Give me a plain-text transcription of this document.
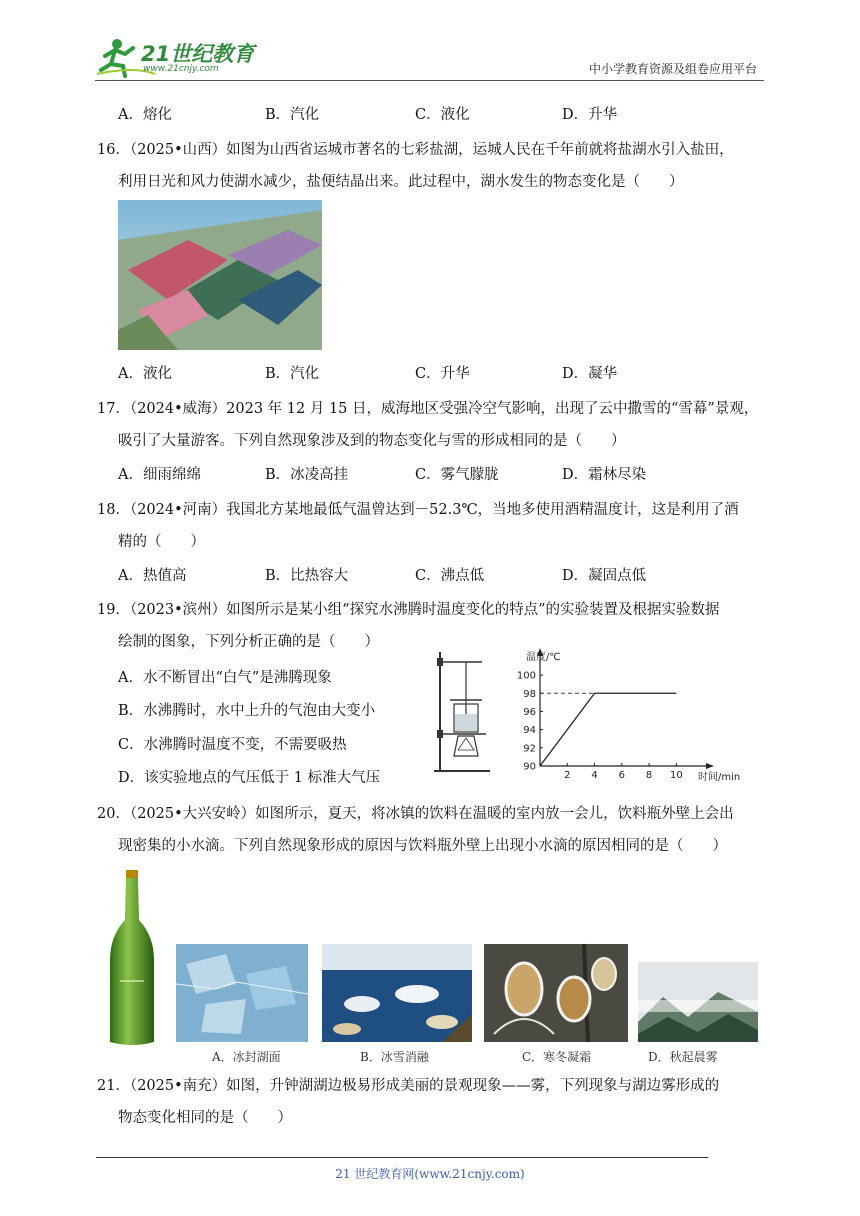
21世纪教育
www.21cnjy.com	中小学教育资源及组卷应用平台
A．熔化	B．汽化	C．液化	D．升华
16．（2025•山西）如图为山西省运城市著名的七彩盐湖，运城人民在千年前就将盐湖水引入盐田，
利用日光和风力使湖水减少，盐便结晶出来。此过程中，湖水发生的物态变化是（　　）
A．液化	B．汽化	C．升华	D．凝华
17．（2024•威海）2023 年 12 月 15 日，威海地区受强冷空气影响，出现了云中撒雪的“雪幕”景观，
吸引了大量游客。下列自然现象涉及到的物态变化与雪的形成相同的是（　　）
A．细雨绵绵	B．冰凌高挂	C．雾气朦胧	D．霜林尽染
18．（2024•河南）我国北方某地最低气温曾达到－52.3℃，当地多使用酒精温度计，这是利用了酒
精的（　　）
A．热值高	B．比热容大	C．沸点低	D．凝固点低
19．（2023•滨州）如图所示是某小组“探究水沸腾时温度变化的特点”的实验装置及根据实验数据
绘制的图象，下列分析正确的是（　　）
A．水不断冒出“白气”是沸腾现象
B．水沸腾时，水中上升的气泡由大变小
C．水沸腾时温度不变，不需要吸热
D．该实验地点的气压低于 1 标准大气压	2 4 6 8 10
90
92
94
96
98
100
温度/℃
时间/min
20．（2025•大兴安岭）如图所示，夏天，将冰镇的饮料在温暖的室内放一会儿，饮料瓶外壁上会出
现密集的小水滴。下列自然现象形成的原因与饮料瓶外壁上出现小水滴的原因相同的是（　　）
A．冰封湖面	B．冰雪消融	C．寒冬凝霜	D．秋起晨雾
21．（2025•南充）如图，升钟湖湖边极易形成美丽的景观现象——雾，下列现象与湖边雾形成的
物态变化相同的是（　　）
21 世纪教育网(www.21cnjy.com)
